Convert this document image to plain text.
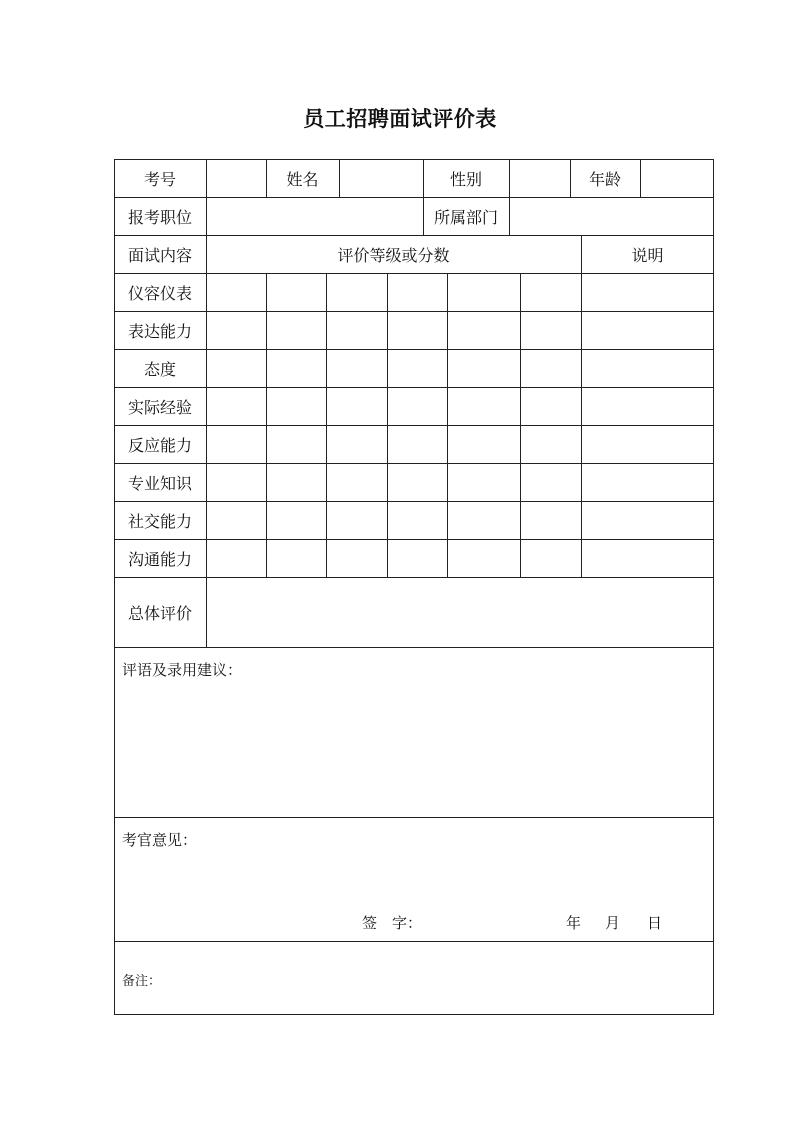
员工招聘面试评价表
考号	姓名	性别	年龄
报考职位	所属部门
面试内容	评价等级或分数	说明
仪容仪表
表达能力
态度
实际经验
反应能力
专业知识
社交能力
沟通能力
总体评价
评语及录用建议：
考官意见：
签　字：	年 月 日
备注：
